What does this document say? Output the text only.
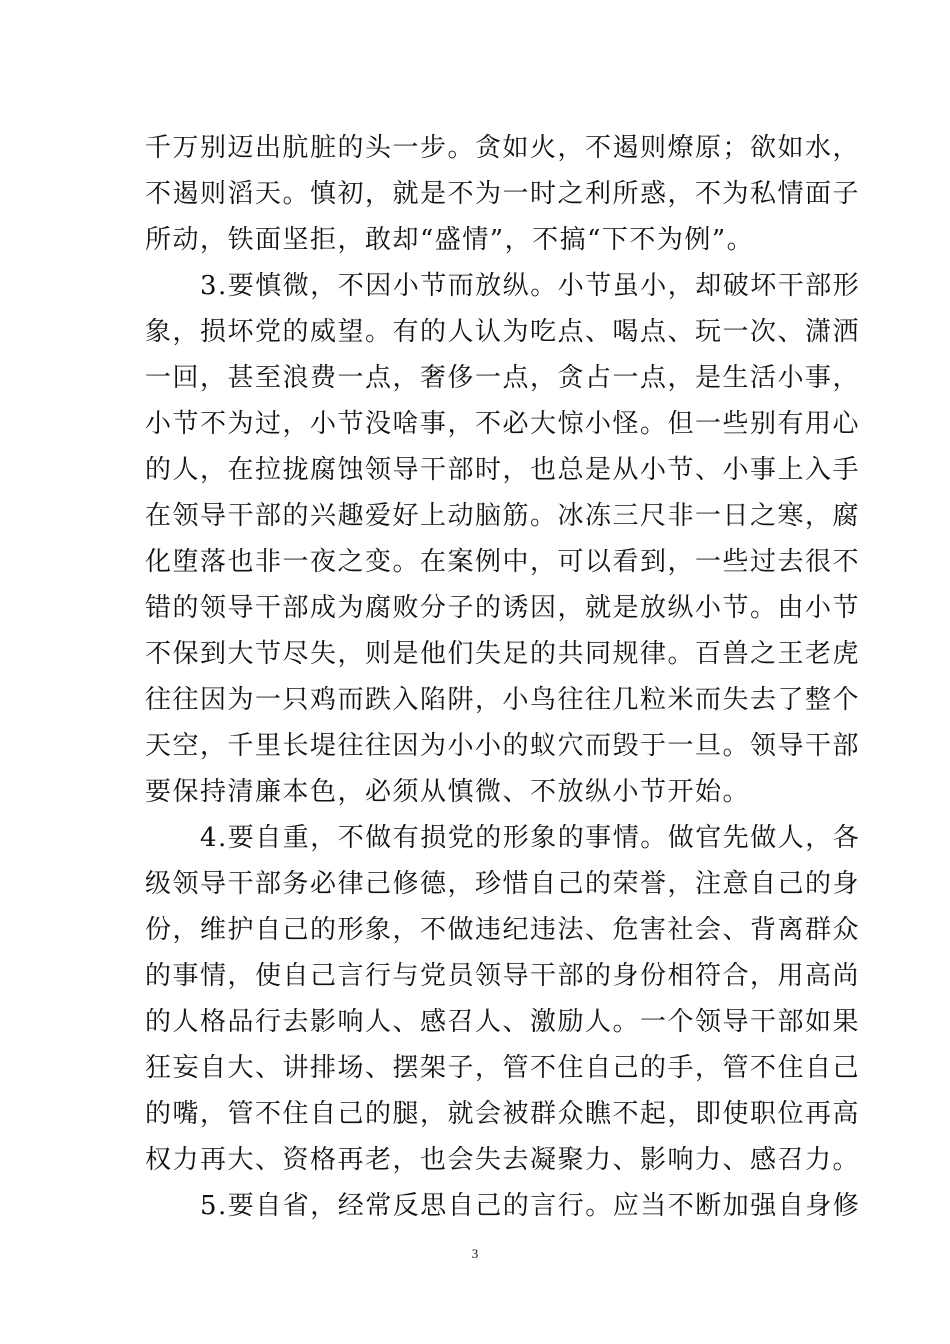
千万别迈出肮脏的头一步。贪如火，不遏则燎原；欲如水，
不遏则滔天。慎初，就是不为一时之利所惑，不为私情面子
所动，铁面坚拒，敢却“盛情”，不搞“下不为例”。
　　3.要慎微，不因小节而放纵。小节虽小，却破坏干部形
象，损坏党的威望。有的人认为吃点、喝点、玩一次、潇洒
一回，甚至浪费一点，奢侈一点，贪占一点，是生活小事，
小节不为过，小节没啥事，不必大惊小怪。但一些别有用心
的人，在拉拢腐蚀领导干部时，也总是从小节、小事上入手
在领导干部的兴趣爱好上动脑筋。冰冻三尺非一日之寒，腐
化堕落也非一夜之变。在案例中，可以看到，一些过去很不
错的领导干部成为腐败分子的诱因，就是放纵小节。由小节
不保到大节尽失，则是他们失足的共同规律。百兽之王老虎
往往因为一只鸡而跌入陷阱，小鸟往往几粒米而失去了整个
天空，千里长堤往往因为小小的蚁穴而毁于一旦。领导干部
要保持清廉本色，必须从慎微、不放纵小节开始。
　　4.要自重，不做有损党的形象的事情。做官先做人，各
级领导干部务必律己修德，珍惜自己的荣誉，注意自己的身
份，维护自己的形象，不做违纪违法、危害社会、背离群众
的事情，使自己言行与党员领导干部的身份相符合，用高尚
的人格品行去影响人、感召人、激励人。一个领导干部如果
狂妄自大、讲排场、摆架子，管不住自己的手，管不住自己
的嘴，管不住自己的腿，就会被群众瞧不起，即使职位再高
权力再大、资格再老，也会失去凝聚力、影响力、感召力。
　　5.要自省，经常反思自己的言行。应当不断加强自身修
3
